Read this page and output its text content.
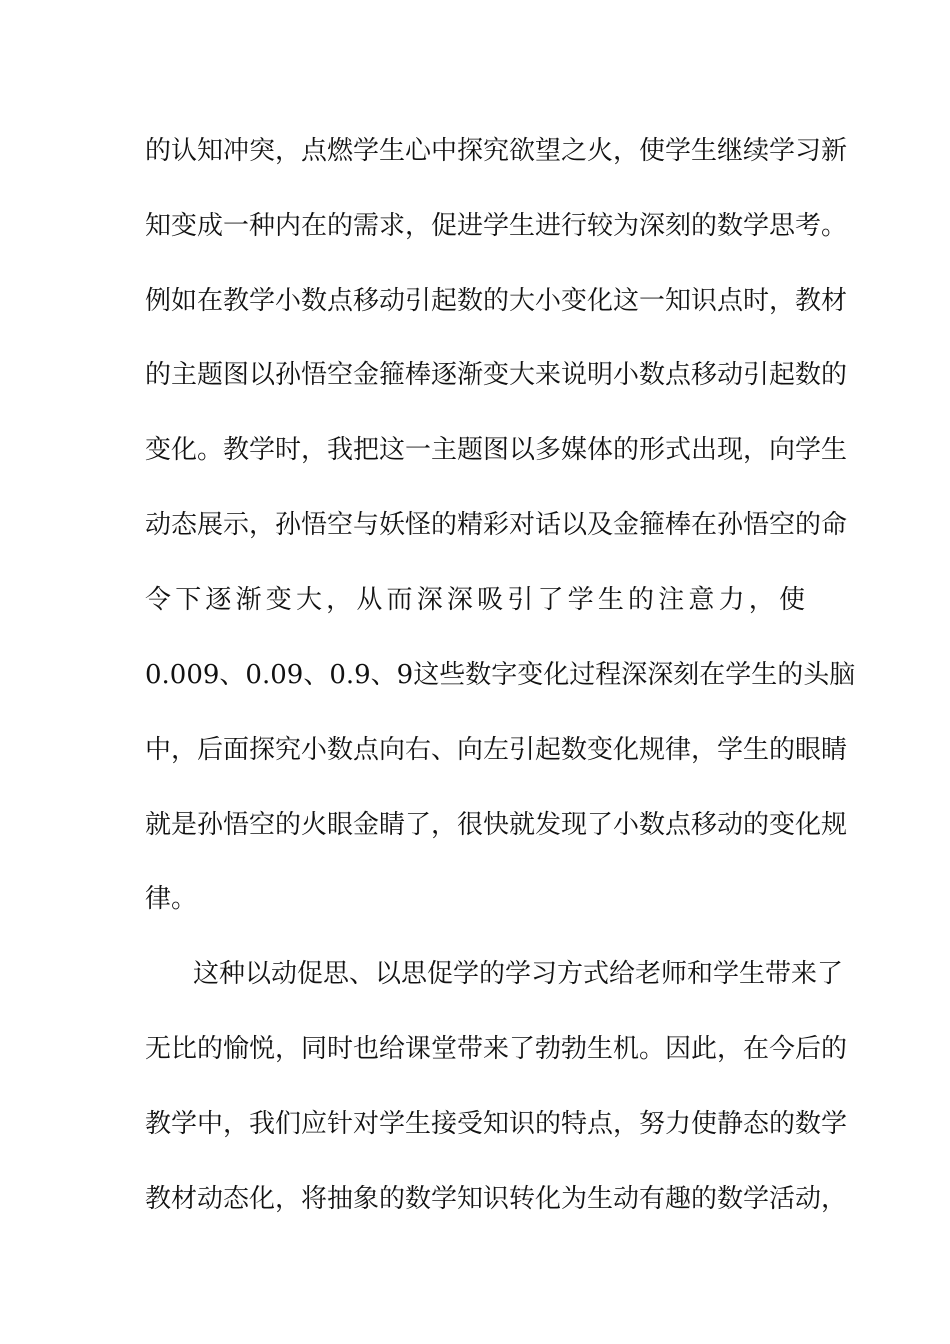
的认知冲突，点燃学生心中探究欲望之火，使学生继续学习新
知变成一种内在的需求，促进学生进行较为深刻的数学思考。
例如在教学小数点移动引起数的大小变化这一知识点时，教材
的主题图以孙悟空金箍棒逐渐变大来说明小数点移动引起数的
变化。教学时，我把这一主题图以多媒体的形式出现，向学生
动态展示，孙悟空与妖怪的精彩对话以及金箍棒在孙悟空的命
令下逐渐变大，从而深深吸引了学生的注意力，使
0.009、0.09、0.9、9这些数字变化过程深深刻在学生的头脑
中，后面探究小数点向右、向左引起数变化规律，学生的眼睛
就是孙悟空的火眼金睛了，很快就发现了小数点移动的变化规
律。
这种以动促思、以思促学的学习方式给老师和学生带来了
无比的愉悦，同时也给课堂带来了勃勃生机。因此，在今后的
教学中，我们应针对学生接受知识的特点，努力使静态的数学
教材动态化，将抽象的数学知识转化为生动有趣的数学活动，
